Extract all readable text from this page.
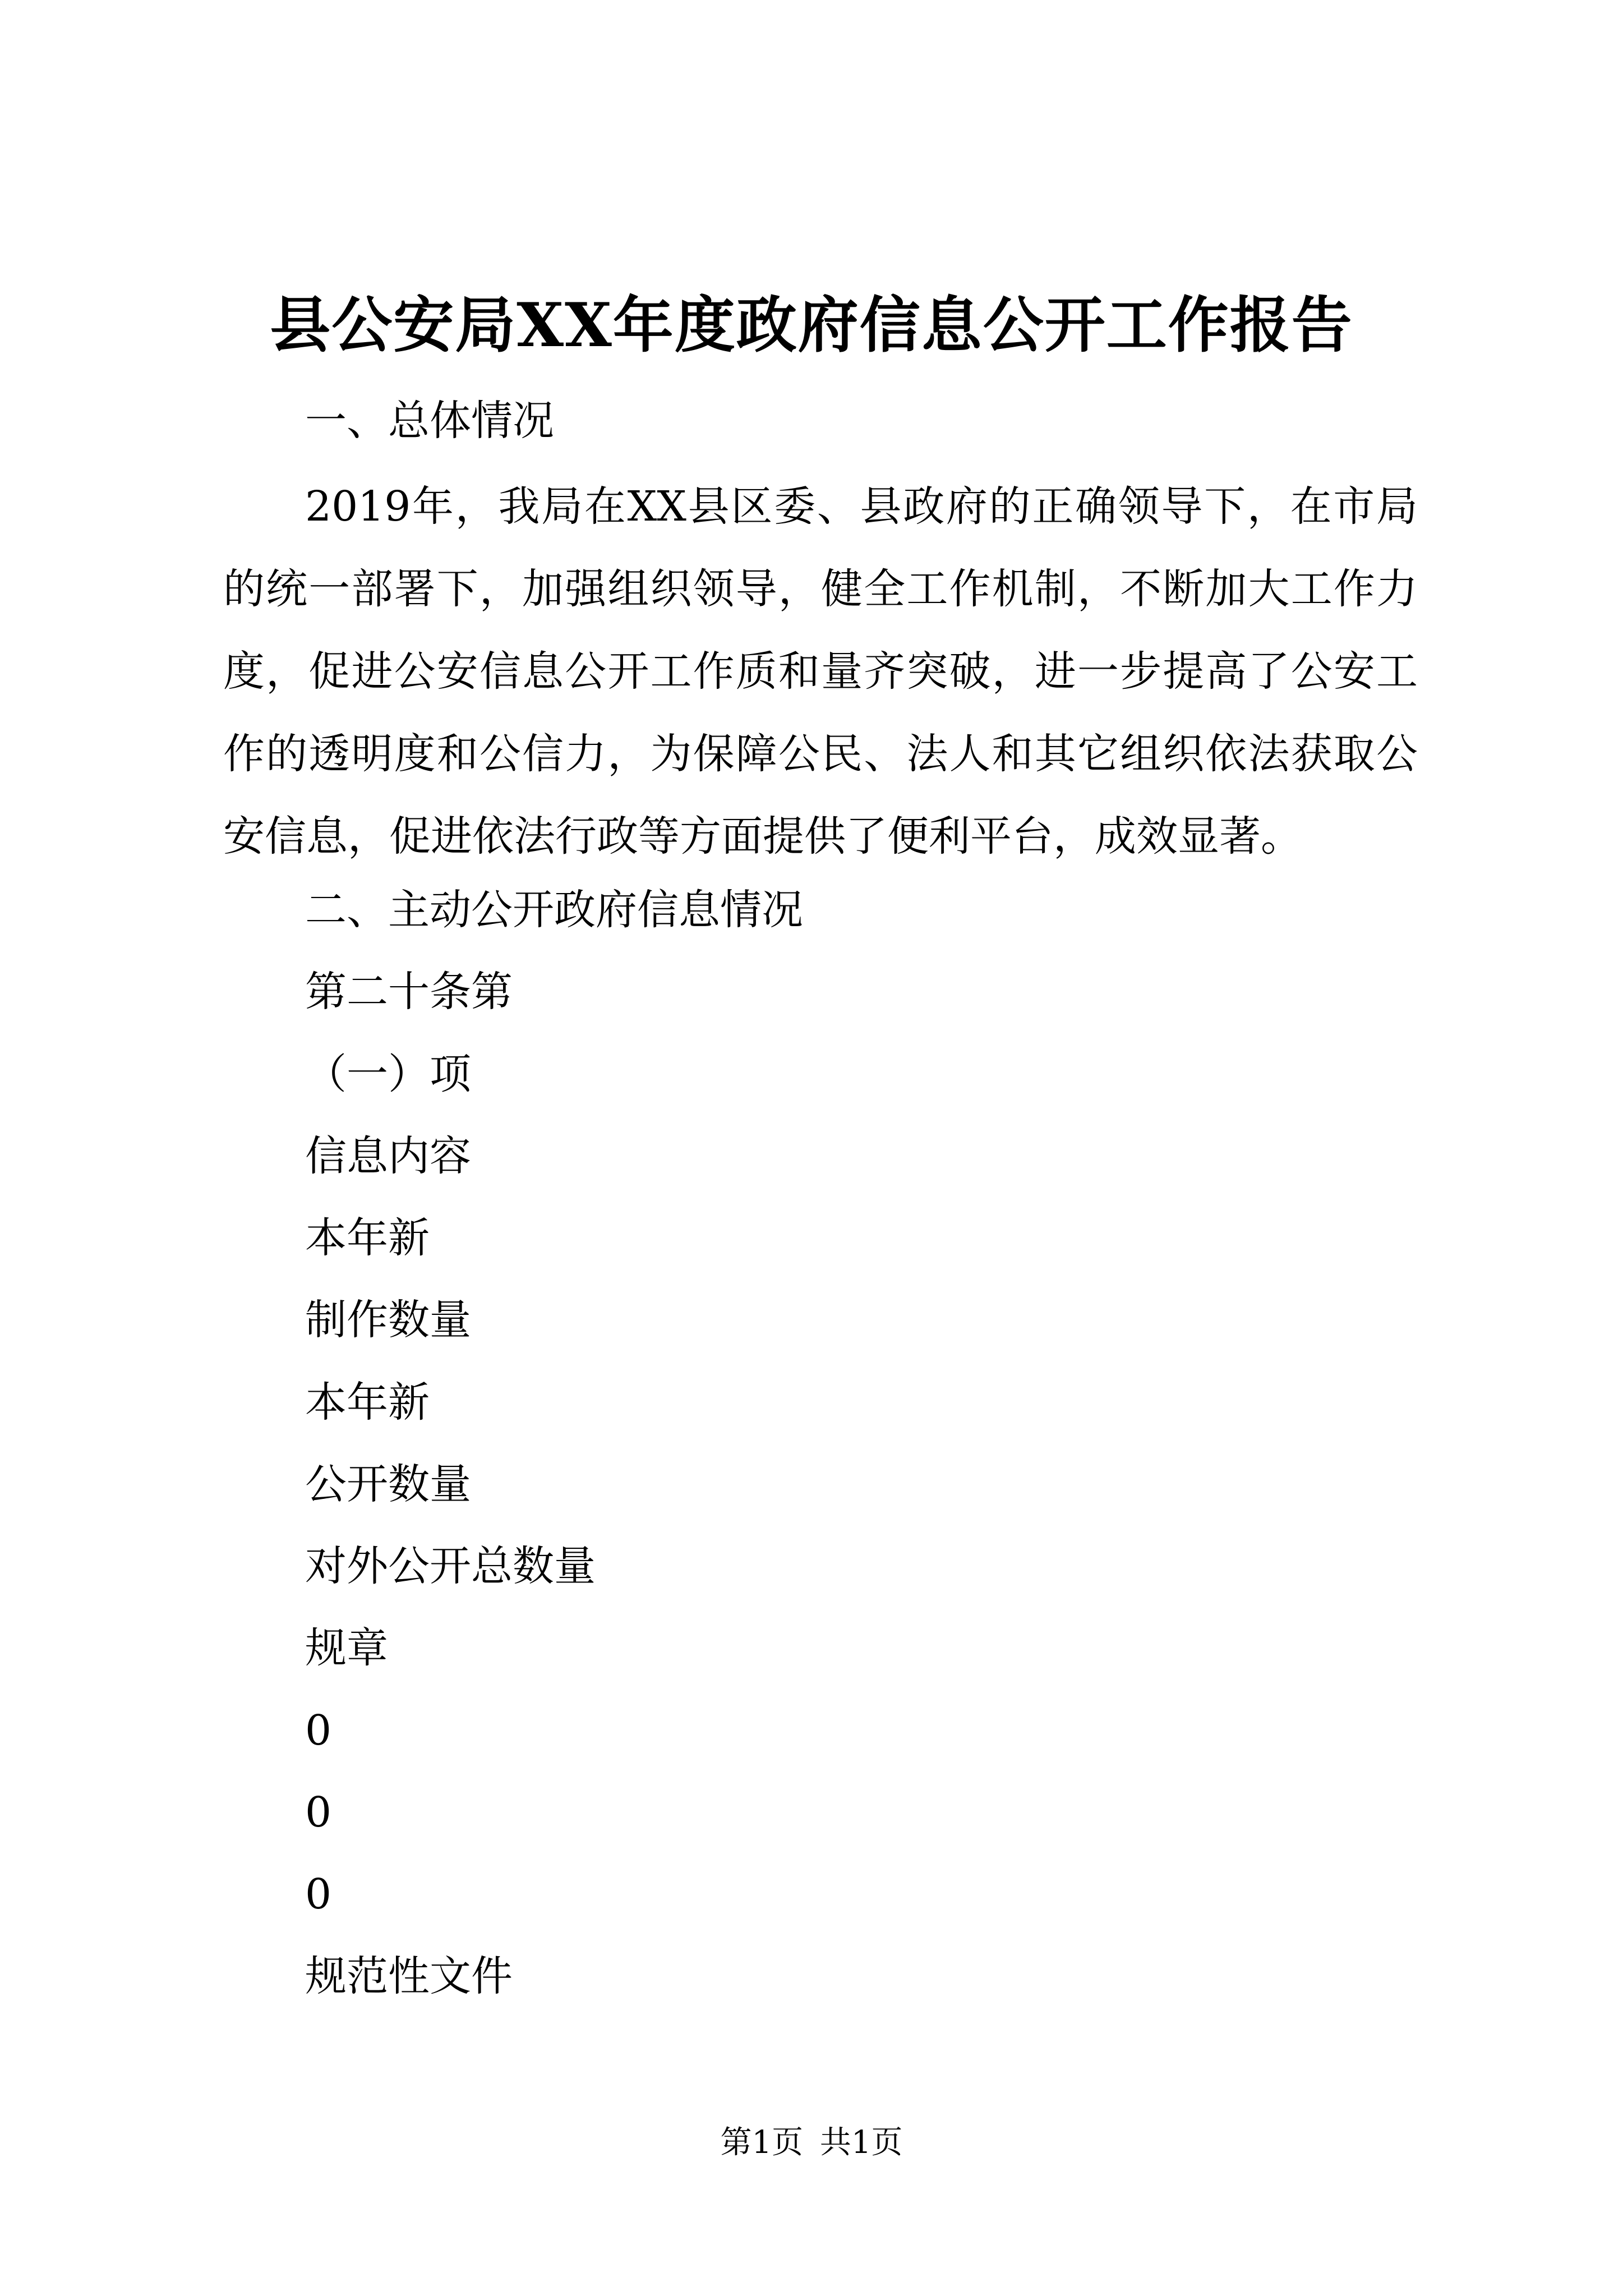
县公安局XX年度政府信息公开工作报告

一、总体情况

2019年，我局在XX县区委、县政府的正确领导下，在市局的统一部署下，加强组织领导，健全工作机制，不断加大工作力度，促进公安信息公开工作质和量齐突破，进一步提高了公安工作的透明度和公信力，为保障公民、法人和其它组织依法获取公安信息，促进依法行政等方面提供了便利平台，成效显著。

二、主动公开政府信息情况

第二十条第

（一）项

信息内容

本年新

制作数量

本年新

公开数量

对外公开总数量

规章

0

0

0

规范性文件

第1页 共1页
